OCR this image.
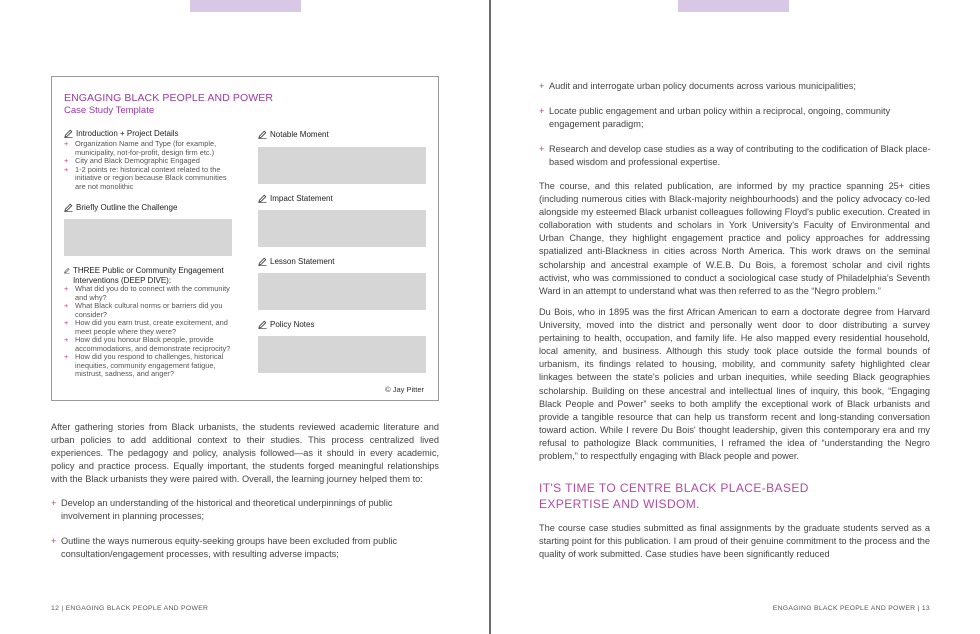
ENGAGING BLACK PEOPLE AND POWER
Case Study Template
Introduction + Project Details
+ Organization Name and Type (for example, municipality, not-for-profit, design firm etc.)
+ City and Black Demographic Engaged
+ 1-2 points re: historical context related to the initiative or region because Black communities are not monolithic
Briefly Outline the Challenge
THREE Public or Community Engagement Interventions (DEEP DIVE):
+ What did you do to connect with the community and why?
+ What Black cultural norms or barriers did you consider?
+ How did you earn trust, create excitement, and meet people where they were?
+ How did you honour Black people, provide accommodations, and demonstrate reciprocity?
+ How did you respond to challenges, historical inequities, community engagement fatigue, mistrust, sadness, and anger?
Notable Moment
Impact Statement
Lesson Statement
Policy Notes
© Jay Pitter

After gathering stories from Black urbanists, the students reviewed academic literature and urban policies to add additional context to their studies. This process centralized lived experiences. The pedagogy and policy, analysis followed—as it should in every academic, policy and practice process. Equally important, the students forged meaningful relationships with the Black urbanists they were paired with. Overall, the learning journey helped them to:

+ Develop an understanding of the historical and theoretical underpinnings of public involvement in planning processes;
+ Outline the ways numerous equity-seeking groups have been excluded from public consultation/engagement processes, with resulting adverse impacts;
12 | ENGAGING BLACK PEOPLE AND POWER
+ Audit and interrogate urban policy documents across various municipalities;
+ Locate public engagement and urban policy within a reciprocal, ongoing, community engagement paradigm;
+ Research and develop case studies as a way of contributing to the codification of Black place-based wisdom and professional expertise.

The course, and this related publication, are informed by my practice spanning 25+ cities (including numerous cities with Black-majority neighbourhoods) and the policy advocacy co-led alongside my esteemed Black urbanist colleagues following Floyd's public execution. Created in collaboration with students and scholars in York University's Faculty of Environmental and Urban Change, they highlight engagement practice and policy approaches for addressing spatialized anti-Blackness in cities across North America. This work draws on the seminal scholarship and ancestral example of W.E.B. Du Bois, a foremost scholar and civil rights activist, who was commissioned to conduct a sociological case study of Philadelphia's Seventh Ward in an attempt to understand what was then referred to as the “Negro problem.”

Du Bois, who in 1895 was the first African American to earn a doctorate degree from Harvard University, moved into the district and personally went door to door distributing a survey pertaining to health, occupation, and family life. He also mapped every residential household, local amenity, and business. Although this study took place outside the formal bounds of urbanism, its findings related to housing, mobility, and community safety highlighted clear linkages between the state's policies and urban inequities, while seeding Black geographies scholarship. Building on these ancestral and intellectual lines of inquiry, this book, “Engaging Black People and Power” seeks to both amplify the exceptional work of Black urbanists and provide a tangible resource that can help us transform recent and long-standing conversation toward action. While I revere Du Bois' thought leadership, given this contemporary era and my refusal to pathologize Black communities, I reframed the idea of “understanding the Negro problem,” to respectfully engaging with Black people and power.

IT'S TIME TO CENTRE BLACK PLACE-BASED EXPERTISE AND WISDOM.

The course case studies submitted as final assignments by the graduate students served as a starting point for this publication. I am proud of their genuine commitment to the process and the quality of work submitted. Case studies have been significantly reduced

ENGAGING BLACK PEOPLE AND POWER | 13
